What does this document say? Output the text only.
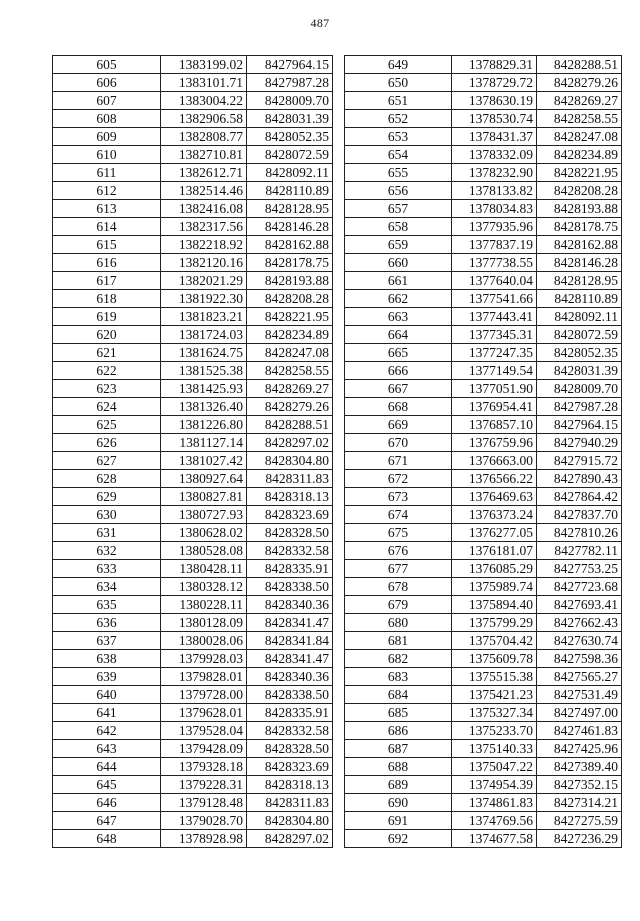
487
605	1383199.02	8427964.15
606	1383101.71	8427987.28
607	1383004.22	8428009.70
608	1382906.58	8428031.39
609	1382808.77	8428052.35
610	1382710.81	8428072.59
611	1382612.71	8428092.11
612	1382514.46	8428110.89
613	1382416.08	8428128.95
614	1382317.56	8428146.28
615	1382218.92	8428162.88
616	1382120.16	8428178.75
617	1382021.29	8428193.88
618	1381922.30	8428208.28
619	1381823.21	8428221.95
620	1381724.03	8428234.89
621	1381624.75	8428247.08
622	1381525.38	8428258.55
623	1381425.93	8428269.27
624	1381326.40	8428279.26
625	1381226.80	8428288.51
626	1381127.14	8428297.02
627	1381027.42	8428304.80
628	1380927.64	8428311.83
629	1380827.81	8428318.13
630	1380727.93	8428323.69
631	1380628.02	8428328.50
632	1380528.08	8428332.58
633	1380428.11	8428335.91
634	1380328.12	8428338.50
635	1380228.11	8428340.36
636	1380128.09	8428341.47
637	1380028.06	8428341.84
638	1379928.03	8428341.47
639	1379828.01	8428340.36
640	1379728.00	8428338.50
641	1379628.01	8428335.91
642	1379528.04	8428332.58
643	1379428.09	8428328.50
644	1379328.18	8428323.69
645	1379228.31	8428318.13
646	1379128.48	8428311.83
647	1379028.70	8428304.80
648	1378928.98	8428297.02
649	1378829.31	8428288.51
650	1378729.72	8428279.26
651	1378630.19	8428269.27
652	1378530.74	8428258.55
653	1378431.37	8428247.08
654	1378332.09	8428234.89
655	1378232.90	8428221.95
656	1378133.82	8428208.28
657	1378034.83	8428193.88
658	1377935.96	8428178.75
659	1377837.19	8428162.88
660	1377738.55	8428146.28
661	1377640.04	8428128.95
662	1377541.66	8428110.89
663	1377443.41	8428092.11
664	1377345.31	8428072.59
665	1377247.35	8428052.35
666	1377149.54	8428031.39
667	1377051.90	8428009.70
668	1376954.41	8427987.28
669	1376857.10	8427964.15
670	1376759.96	8427940.29
671	1376663.00	8427915.72
672	1376566.22	8427890.43
673	1376469.63	8427864.42
674	1376373.24	8427837.70
675	1376277.05	8427810.26
676	1376181.07	8427782.11
677	1376085.29	8427753.25
678	1375989.74	8427723.68
679	1375894.40	8427693.41
680	1375799.29	8427662.43
681	1375704.42	8427630.74
682	1375609.78	8427598.36
683	1375515.38	8427565.27
684	1375421.23	8427531.49
685	1375327.34	8427497.00
686	1375233.70	8427461.83
687	1375140.33	8427425.96
688	1375047.22	8427389.40
689	1374954.39	8427352.15
690	1374861.83	8427314.21
691	1374769.56	8427275.59
692	1374677.58	8427236.29
